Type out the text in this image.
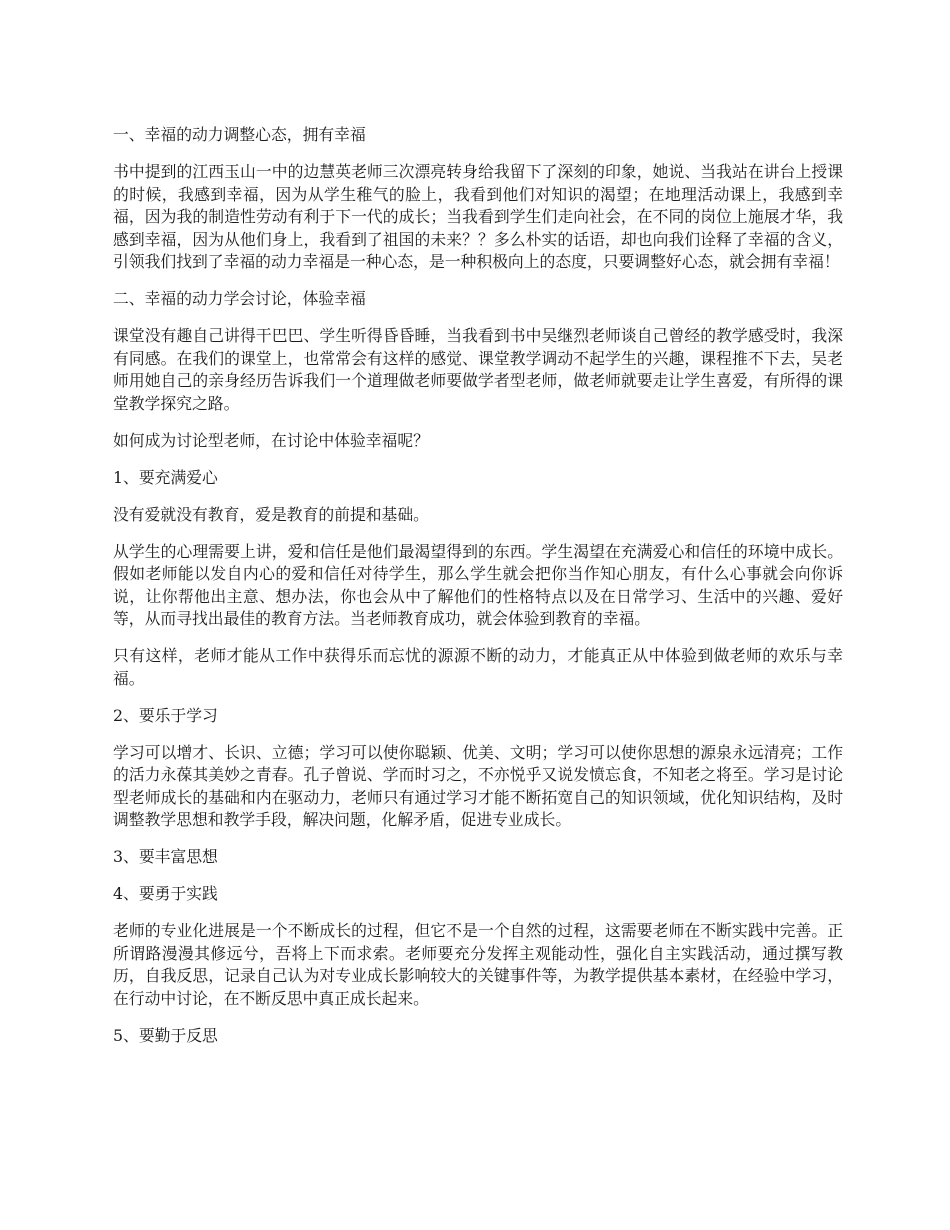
一、幸福的动力调整心态，拥有幸福

书中提到的江西玉山一中的边慧英老师三次漂亮转身给我留下了深刻的印象，她说、当我站在讲台上授课的时候，我感到幸福，因为从学生稚气的脸上，我看到他们对知识的渴望；在地理活动课上，我感到幸福，因为我的制造性劳动有利于下一代的成长；当我看到学生们走向社会，在不同的岗位上施展才华，我感到幸福，因为从他们身上，我看到了祖国的未来？？多么朴实的话语，却也向我们诠释了幸福的含义，引领我们找到了幸福的动力幸福是一种心态，是一种积极向上的态度，只要调整好心态，就会拥有幸福！

二、幸福的动力学会讨论，体验幸福

课堂没有趣自己讲得干巴巴、学生听得昏昏睡，当我看到书中吴继烈老师谈自己曾经的教学感受时，我深有同感。在我们的课堂上，也常常会有这样的感觉、课堂教学调动不起学生的兴趣，课程推不下去，吴老师用她自己的亲身经历告诉我们一个道理做老师要做学者型老师，做老师就要走让学生喜爱，有所得的课堂教学探究之路。

如何成为讨论型老师，在讨论中体验幸福呢？

1、要充满爱心

没有爱就没有教育，爱是教育的前提和基础。

从学生的心理需要上讲，爱和信任是他们最渴望得到的东西。学生渴望在充满爱心和信任的环境中成长。假如老师能以发自内心的爱和信任对待学生，那么学生就会把你当作知心朋友，有什么心事就会向你诉说，让你帮他出主意、想办法，你也会从中了解他们的性格特点以及在日常学习、生活中的兴趣、爱好等，从而寻找出最佳的教育方法。当老师教育成功，就会体验到教育的幸福。

只有这样，老师才能从工作中获得乐而忘忧的源源不断的动力，才能真正从中体验到做老师的欢乐与幸福。

2、要乐于学习

学习可以增才、长识、立德；学习可以使你聪颖、优美、文明；学习可以使你思想的源泉永远清亮；工作的活力永葆其美妙之青春。孔子曾说、学而时习之，不亦悦乎又说发愤忘食，不知老之将至。学习是讨论型老师成长的基础和内在驱动力，老师只有通过学习才能不断拓宽自己的知识领域，优化知识结构，及时调整教学思想和教学手段，解决问题，化解矛盾，促进专业成长。

3、要丰富思想

4、要勇于实践

老师的专业化进展是一个不断成长的过程，但它不是一个自然的过程，这需要老师在不断实践中完善。正所谓路漫漫其修远兮，吾将上下而求索。老师要充分发挥主观能动性，强化自主实践活动，通过撰写教历，自我反思，记录自己认为对专业成长影响较大的关键事件等，为教学提供基本素材，在经验中学习，在行动中讨论，在不断反思中真正成长起来。

5、要勤于反思
